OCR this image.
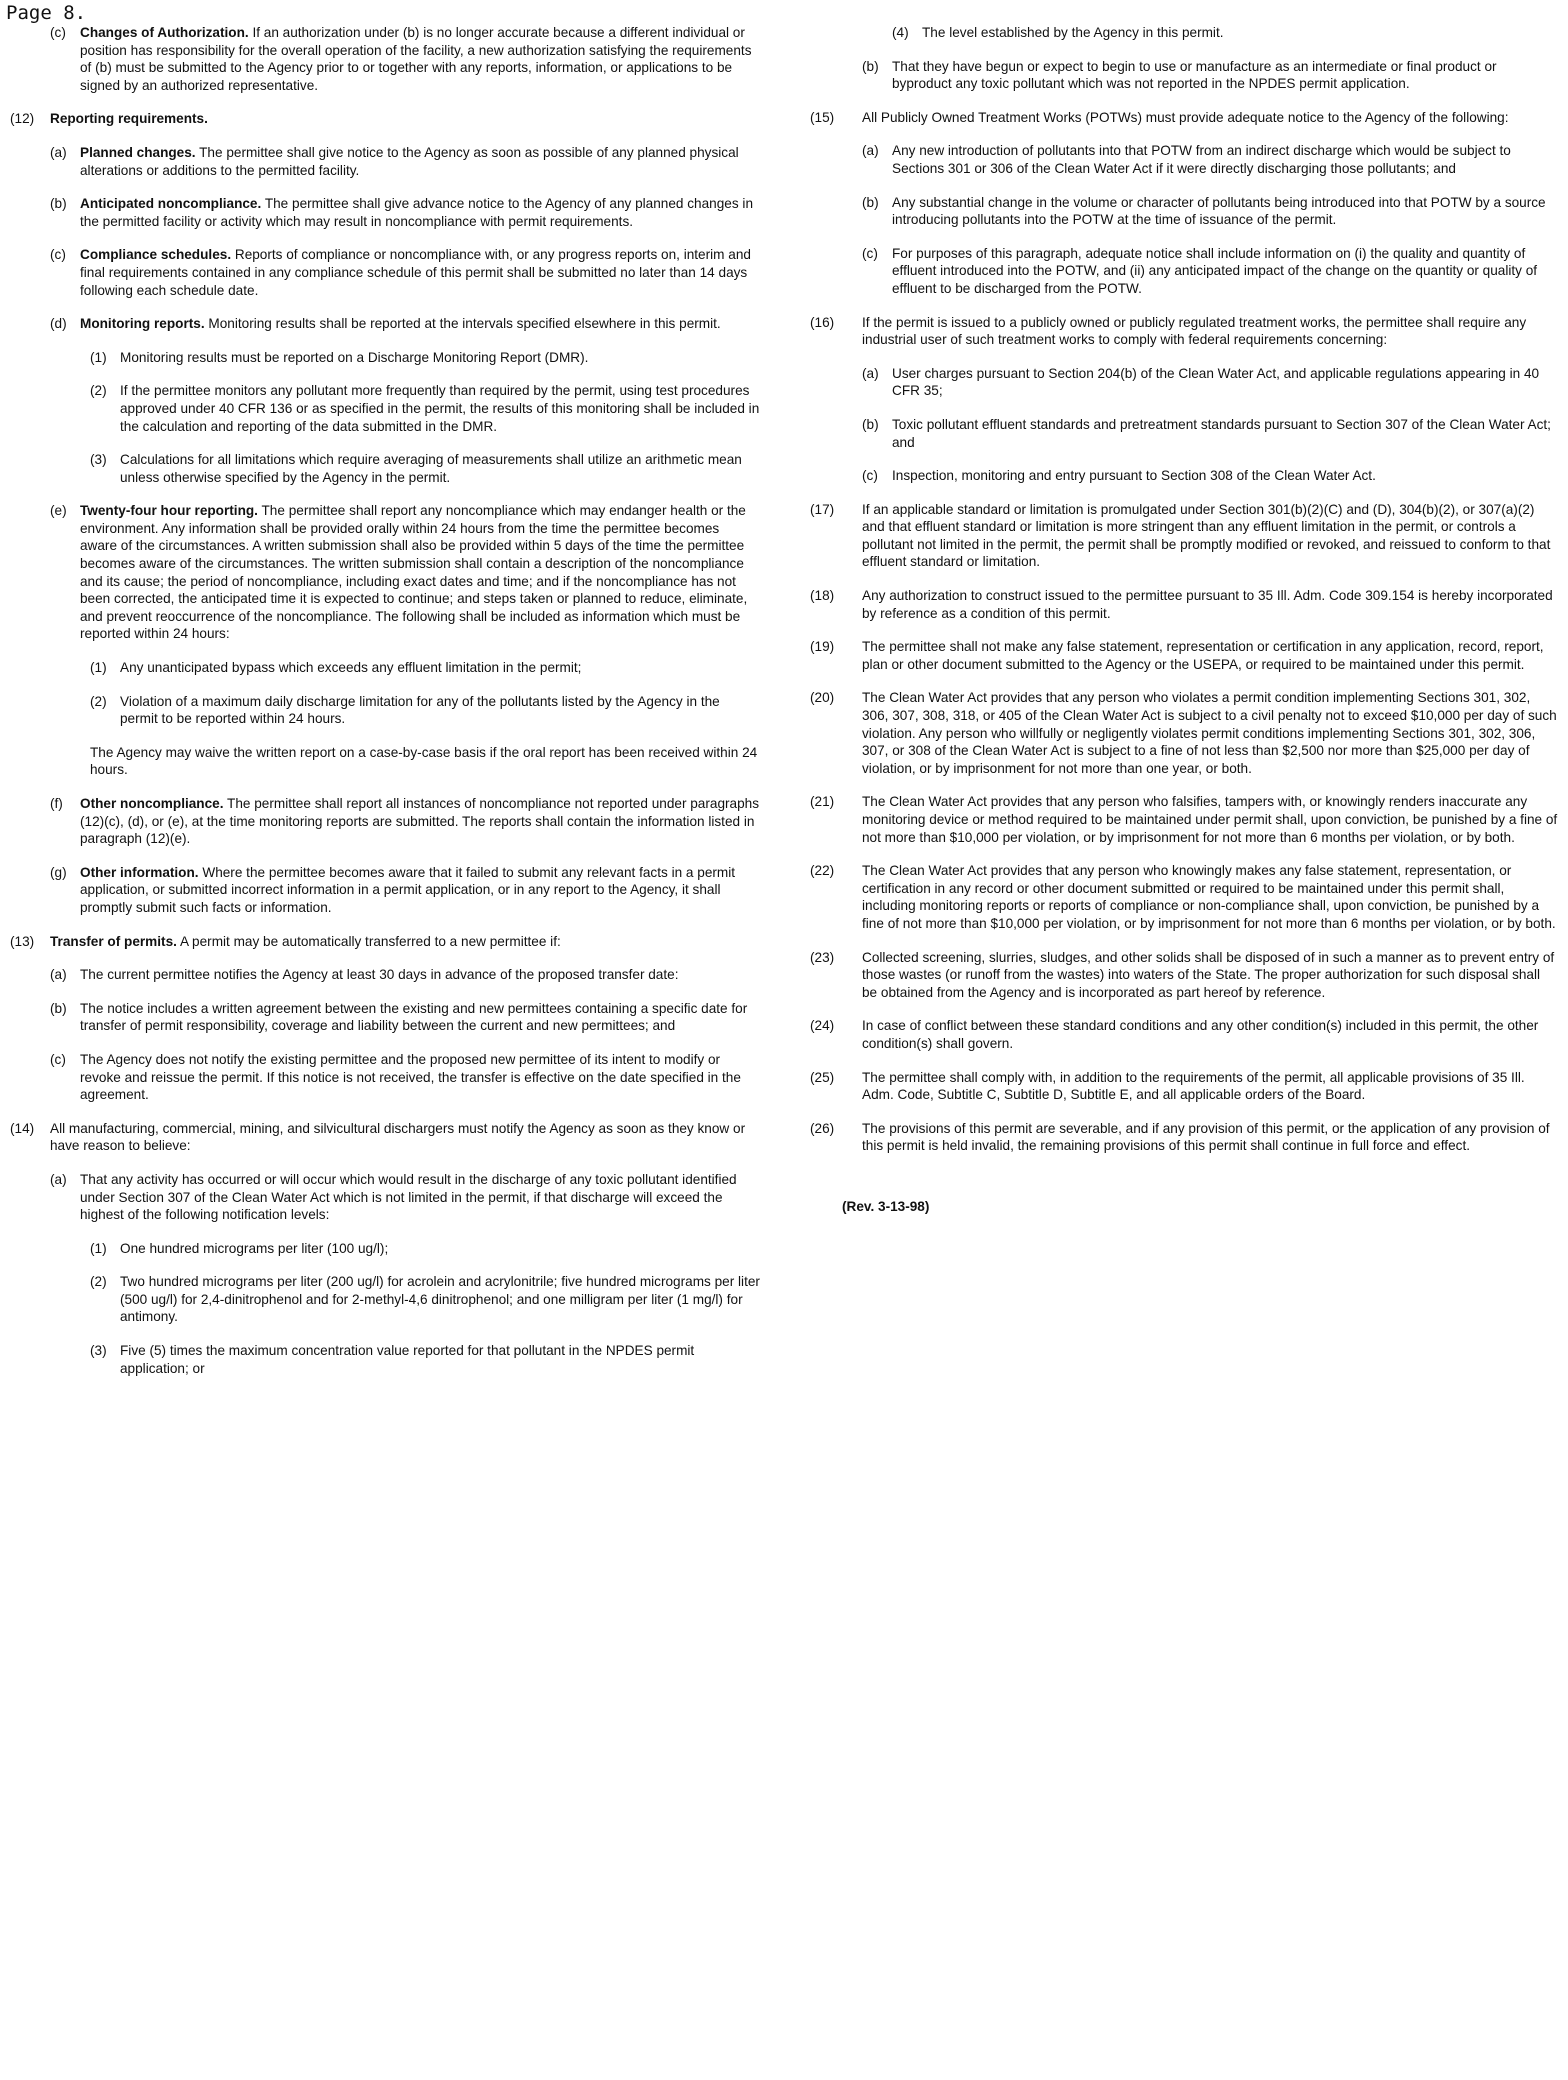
Page 8.
(c)	Changes of Authorization. If an authorization under (b) is no longer accurate because a different individual or position has responsibility for the overall operation of the facility, a new authorization satisfying the requirements of (b) must be submitted to the Agency prior to or together with any reports, information, or applications to be signed by an authorized representative.
(12)	Reporting requirements.
(a) Planned changes. The permittee shall give notice to the Agency as soon as possible of any planned physical alterations or additions to the permitted facility.
(b) Anticipated noncompliance. The permittee shall give advance notice to the Agency of any planned changes in the permitted facility or activity which may result in noncompliance with permit requirements.
(c)	Compliance schedules. Reports of compliance or noncompliance with, or any progress reports on, interim and final requirements contained in any compliance schedule of this permit shall be submitted no later than 14 days following each schedule date.
(d) Monitoring reports. Monitoring results shall be reported at the intervals specified elsewhere in this permit.
(1) Monitoring results must be reported on a Discharge Monitoring Report (DMR).
(2) If the permittee monitors any pollutant more frequently than required by the permit, using test procedures approved under 40 CFR 136 or as specified in the permit, the results of this monitoring shall be included in the calculation and reporting of the data submitted in the DMR.
(3) Calculations for all limitations which require averaging of measurements shall utilize an arithmetic mean unless otherwise specified by the Agency in the permit.
(e) Twenty-four hour reporting. The permittee shall report any noncompliance which may endanger health or the environment. Any information shall be provided orally within 24 hours from the time the permittee becomes aware of the circumstances. A written submission shall also be provided within 5 days of the time the permittee becomes aware of the circumstances. The written submission shall contain a description of the noncompliance and its cause; the period of noncompliance, including exact dates and time; and if the noncompliance has not been corrected, the anticipated time it is expected to continue; and steps taken or planned to reduce, eliminate, and prevent reoccurrence of the noncompliance. The following shall be included as information which must be reported within 24 hours:
(1) Any unanticipated bypass which exceeds any effluent limitation in the permit;
(2) Violation of a maximum daily discharge limitation for any of the pollutants listed by the Agency in the permit to be reported within 24 hours.
The Agency may waive the written report on a case-by-case basis if the oral report has been received within 24 hours.
(f)	Other noncompliance. The permittee shall report all instances of noncompliance not reported under paragraphs (12)(c), (d), or (e), at the time monitoring reports are submitted. The reports shall contain the information listed in paragraph (12)(e).
(g) Other information. Where the permittee becomes aware that it failed to submit any relevant facts in a permit application, or submitted incorrect information in a permit application, or in any report to the Agency, it shall promptly submit such facts or information.
(13)	Transfer of permits. A permit may be automatically transferred to a new permittee if:
(a) The current permittee notifies the Agency at least 30 days in advance of the proposed transfer date:
(b) The notice includes a written agreement between the existing and new permittees containing a specific date for transfer of permit responsibility, coverage and liability between the current and new permittees; and
(c)	The Agency does not notify the existing permittee and the proposed new permittee of its intent to modify or revoke and reissue the permit. If this notice is not received, the transfer is effective on the date specified in the agreement.
(14)	All manufacturing, commercial, mining, and silvicultural dischargers must notify the Agency as soon as they know or have reason to believe:
(a) That any activity has occurred or will occur which would result in the discharge of any toxic pollutant identified under Section 307 of the Clean Water Act which is not limited in the permit, if that discharge will exceed the highest of the following notification levels:
(1) One hundred micrograms per liter (100 ug/l);
(2) Two hundred micrograms per liter (200 ug/l) for acrolein and acrylonitrile; five hundred micrograms per liter (500 ug/l) for 2,4-dinitrophenol and for 2-methyl-4,6 dinitrophenol; and one milligram per liter (1 mg/l) for antimony.
(3) Five (5) times the maximum concentration value reported for that pollutant in the NPDES permit application; or
(4) The level established by the Agency in this permit.
(b) That they have begun or expect to begin to use or manufacture as an intermediate or final product or byproduct any toxic pollutant which was not reported in the NPDES permit application.
(15)	All Publicly Owned Treatment Works (POTWs) must provide adequate notice to the Agency of the following:
(a) Any new introduction of pollutants into that POTW from an indirect discharge which would be subject to Sections 301 or 306 of the Clean Water Act if it were directly discharging those pollutants; and
(b) Any substantial change in the volume or character of pollutants being introduced into that POTW by a source introducing pollutants into the POTW at the time of issuance of the permit.
(c)	For purposes of this paragraph, adequate notice shall include information on (i) the quality and quantity of effluent introduced into the POTW, and (ii) any anticipated impact of the change on the quantity or quality of effluent to be discharged from the POTW.
(16)	If the permit is issued to a publicly owned or publicly regulated treatment works, the permittee shall require any industrial user of such treatment works to comply with federal requirements concerning:
(a) User charges pursuant to Section 204(b) of the Clean Water Act, and applicable regulations appearing in 40 CFR 35;
(b) Toxic pollutant effluent standards and pretreatment standards pursuant to Section 307 of the Clean Water Act; and
(c)	Inspection, monitoring and entry pursuant to Section 308 of the Clean Water Act.
(17)	If an applicable standard or limitation is promulgated under Section 301(b)(2)(C) and (D), 304(b)(2), or 307(a)(2) and that effluent standard or limitation is more stringent than any effluent limitation in the permit, or controls a pollutant not limited in the permit, the permit shall be promptly modified or revoked, and reissued to conform to that effluent standard or limitation.
(18)	Any authorization to construct issued to the permittee pursuant to 35 Ill. Adm. Code 309.154 is hereby incorporated by reference as a condition of this permit.
(19)	The permittee shall not make any false statement, representation or certification in any application, record, report, plan or other document submitted to the Agency or the USEPA, or required to be maintained under this permit.
(20)	The Clean Water Act provides that any person who violates a permit condition implementing Sections 301, 302, 306, 307, 308, 318, or 405 of the Clean Water Act is subject to a civil penalty not to exceed $10,000 per day of such violation. Any person who willfully or negligently violates permit conditions implementing Sections 301, 302, 306, 307, or 308 of the Clean Water Act is subject to a fine of not less than $2,500 nor more than $25,000 per day of violation, or by imprisonment for not more than one year, or both.
(21)	The Clean Water Act provides that any person who falsifies, tampers with, or knowingly renders inaccurate any monitoring device or method required to be maintained under permit shall, upon conviction, be punished by a fine of not more than $10,000 per violation, or by imprisonment for not more than 6 months per violation, or by both.
(22)	The Clean Water Act provides that any person who knowingly makes any false statement, representation, or certification in any record or other document submitted or required to be maintained under this permit shall, including monitoring reports or reports of compliance or non-compliance shall, upon conviction, be punished by a fine of not more than $10,000 per violation, or by imprisonment for not more than 6 months per violation, or by both.
(23)	Collected screening, slurries, sludges, and other solids shall be disposed of in such a manner as to prevent entry of those wastes (or runoff from the wastes) into waters of the State. The proper authorization for such disposal shall be obtained from the Agency and is incorporated as part hereof by reference.
(24)	In case of conflict between these standard conditions and any other condition(s) included in this permit, the other condition(s) shall govern.
(25)	The permittee shall comply with, in addition to the requirements of the permit, all applicable provisions of 35 Ill. Adm. Code, Subtitle C, Subtitle D, Subtitle E, and all applicable orders of the Board.
(26)	The provisions of this permit are severable, and if any provision of this permit, or the application of any provision of this permit is held invalid, the remaining provisions of this permit shall continue in full force and effect.
(Rev. 3-13-98)
